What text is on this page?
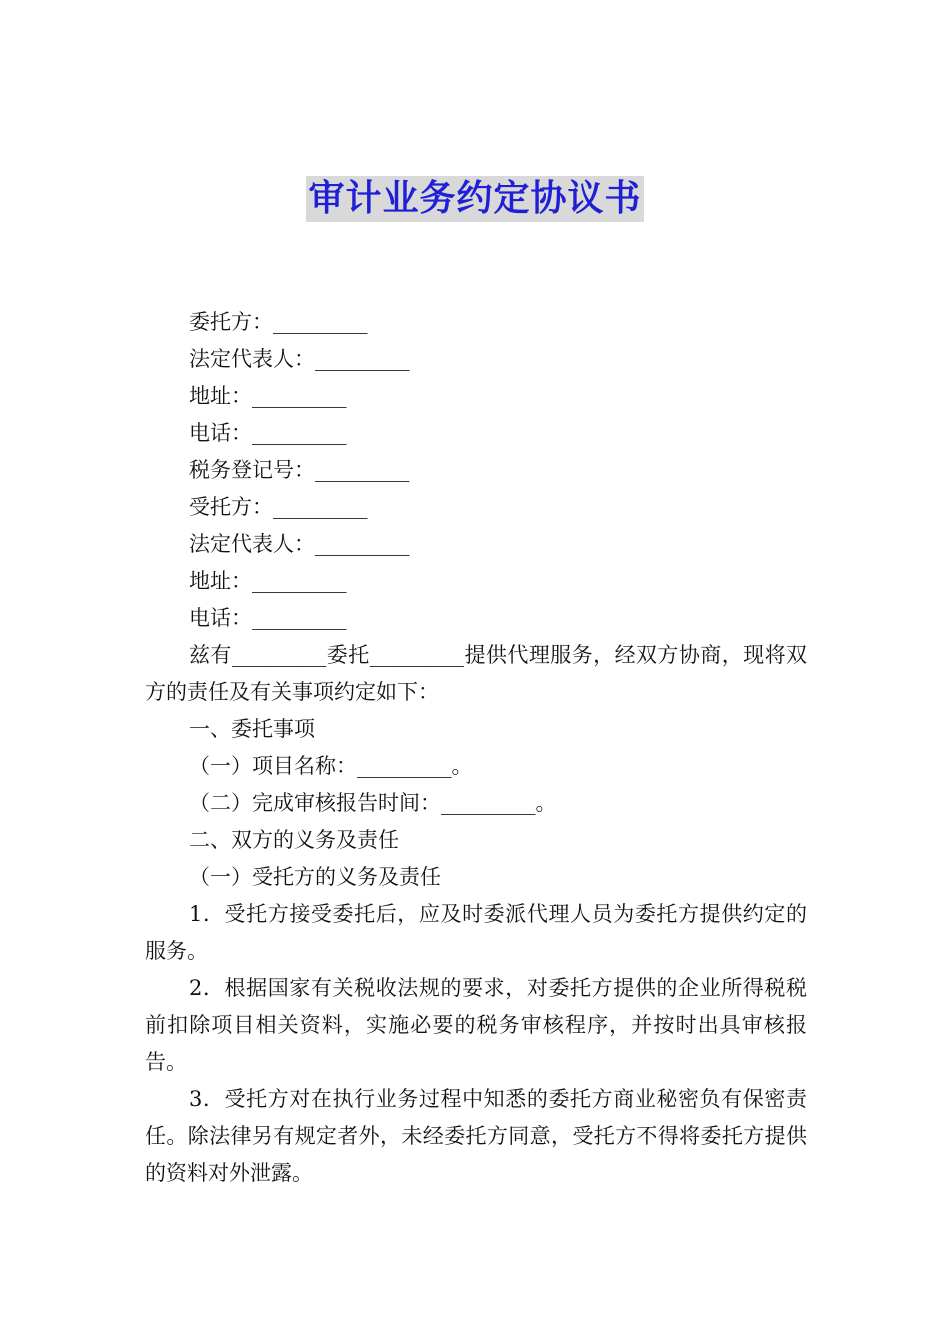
审计业务约定协议书

委托方：_________

法定代表人：_________

地址：_________

电话：_________

税务登记号：_________

受托方：_________

法定代表人：_________

地址：_________

电话：_________

兹有_________委托_________提供代理服务，经双方协商，现将双方的责任及有关事项约定如下：

一、委托事项

（一）项目名称：_________。

（二）完成审核报告时间：_________。

二、双方的义务及责任

（一）受托方的义务及责任

1．受托方接受委托后，应及时委派代理人员为委托方提供约定的服务。

2．根据国家有关税收法规的要求，对委托方提供的企业所得税税前扣除项目相关资料，实施必要的税务审核程序，并按时出具审核报告。

3．受托方对在执行业务过程中知悉的委托方商业秘密负有保密责任。除法律另有规定者外，未经委托方同意，受托方不得将委托方提供的资料对外泄露。
